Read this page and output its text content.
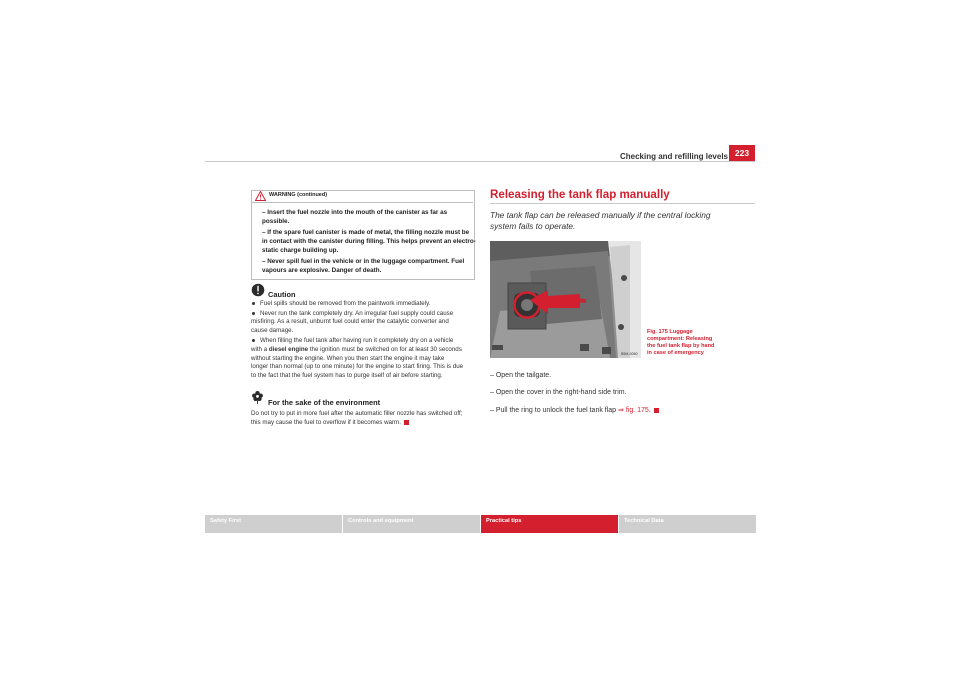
Checking and refilling levels 223
WARNING (continued)
– Insert the fuel nozzle into the mouth of the canister as far as
possible.
– If the spare fuel canister is made of metal, the filling nozzle must be
in contact with the canister during filling. This helps prevent an electro-
static charge building up.
– Never spill fuel in the vehicle or in the luggage compartment. Fuel
vapours are explosive. Danger of death.
Caution
Fuel spills should be removed from the paintwork immediately.
Never run the tank completely dry. An irregular fuel supply could cause
misfiring. As a result, unburnt fuel could enter the catalytic converter and
cause damage.
When filling the fuel tank after having run it completely dry on a vehicle
with a diesel engine the ignition must be switched on for at least 30 seconds
without starting the engine. When you then start the engine it may take
longer than normal (up to one minute) for the engine to start firing. This is due
to the fact that the fuel system has to purge itself of air before starting.
For the sake of the environment
Do not try to put in more fuel after the automatic filler nozzle has switched off;
this may cause the fuel to overflow if it becomes warm.
Releasing the tank flap manually
The tank flap can be released manually if the central locking
system fails to operate.
B5M-0060
Fig. 175 Luggage
compartment: Releasing
the fuel tank flap by hand
in case of emergency
– Open the tailgate.
– Open the cover in the right-hand side trim.
– Pull the ring to unlock the fuel tank flap ⇒ fig. 175.
Safety First	Controls and equipment	Practical tips	Technical Data
